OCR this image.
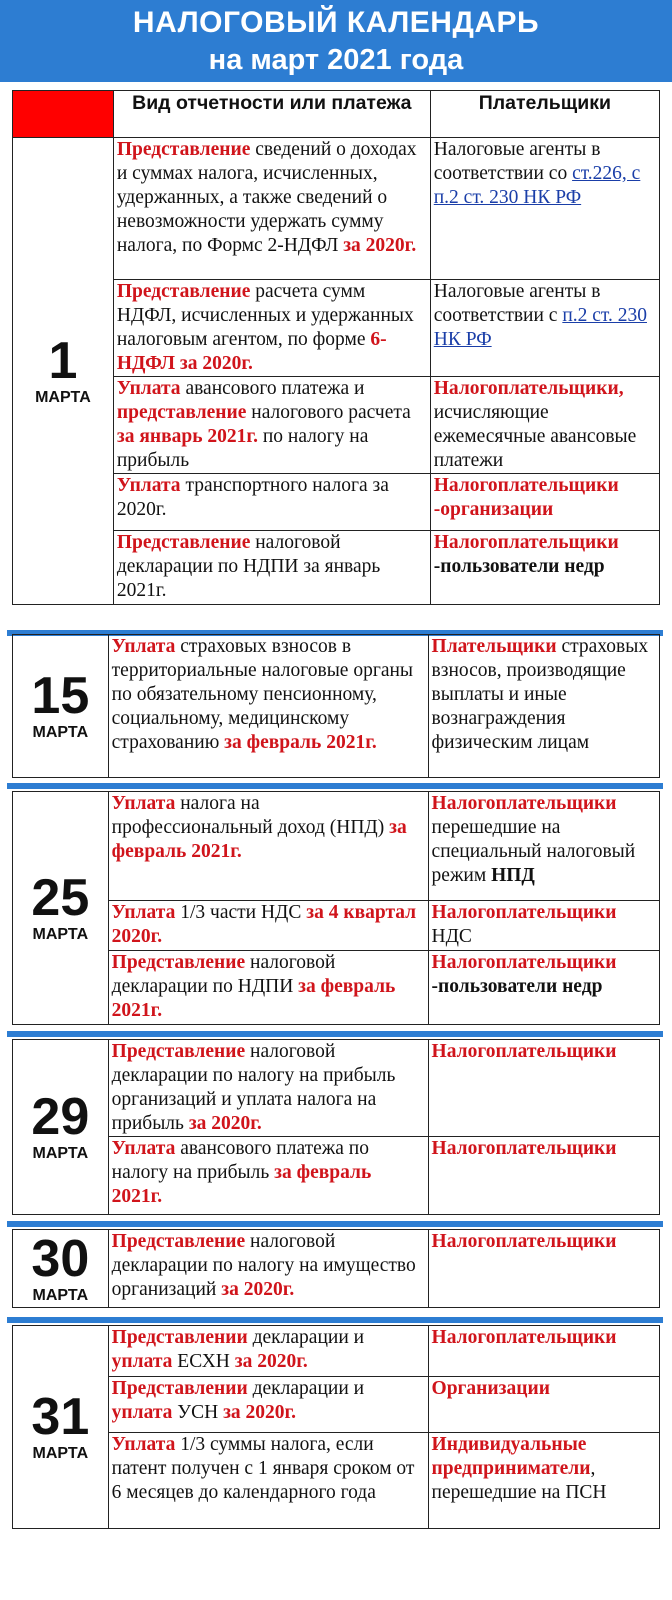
НАЛОГОВЫЙ КАЛЕНДАРЬ
на март 2021 года
	Вид отчетности или платежа	Плательщики

1
МАРТА	Представление сведений о доходах и суммах налога, исчисленных, удержанных, а также сведений о невозможности удержать сумму налога, по Формс 2-НДФЛ за 2020г.	Налоговые агенты в соответствии со ст.226, с п.2 ст. 230 НК РФ
	Представление расчета сумм НДФЛ, исчисленных и удержанных налоговым агентом, по форме 6-НДФЛ за 2020г.	Налоговые агенты в соответствии с п.2 ст. 230 НК РФ
	Уплата авансового платежа и представление налогового расчета за январь 2021г. по налогу на прибыль	Налогоплательщики, исчисляющие ежемесячные авансовые платежи
	Уплата транспортного налога за 2020г.	Налогоплательщики -организации
	Представление налоговой декларации по НДПИ за январь 2021г.	Налогоплательщики -пользователи недр
15
МАРТА
	Уплата страховых взносов в территориальные налоговые органы по обязательному пенсионному, социальному, медицинскому страхованию за февраль 2021г.	Плательщики страховых взносов, производящие выплаты и иные вознаграждения физическим лицам
25
МАРТА	Уплата налога на профессиональный доход (НПД) за февраль 2021г.	Налогоплательщики перешедшие на специальный налоговый режим НПД
	Уплата 1/3 части НДС за 4 квартал 2020г.	Налогоплательщики НДС
	Представление налоговой декларации по НДПИ за февраль 2021г.	Налогоплательщики -пользователи недр
29
МАРТА	Представление налоговой декларации по налогу на прибыль организаций и уплата налога на прибыль за 2020г.	Налогоплательщики
	Уплата авансового платежа по налогу на прибыль за февраль 2021г.	Налогоплательщики
30
МАРТА
	Представление налоговой декларации по налогу на имущество организаций за 2020г.	Налогоплательщики
31
МАРТА	Представлении декларации и уплата ЕСХН за 2020г.	Налогоплательщики
	Представлении декларации и уплата УСН за 2020г.	Организации
	Уплата 1/3 суммы налога, если патент получен с 1 января сроком от 6 месяцев до календарного года	Индивидуальные предприниматели, перешедшие на ПСН
